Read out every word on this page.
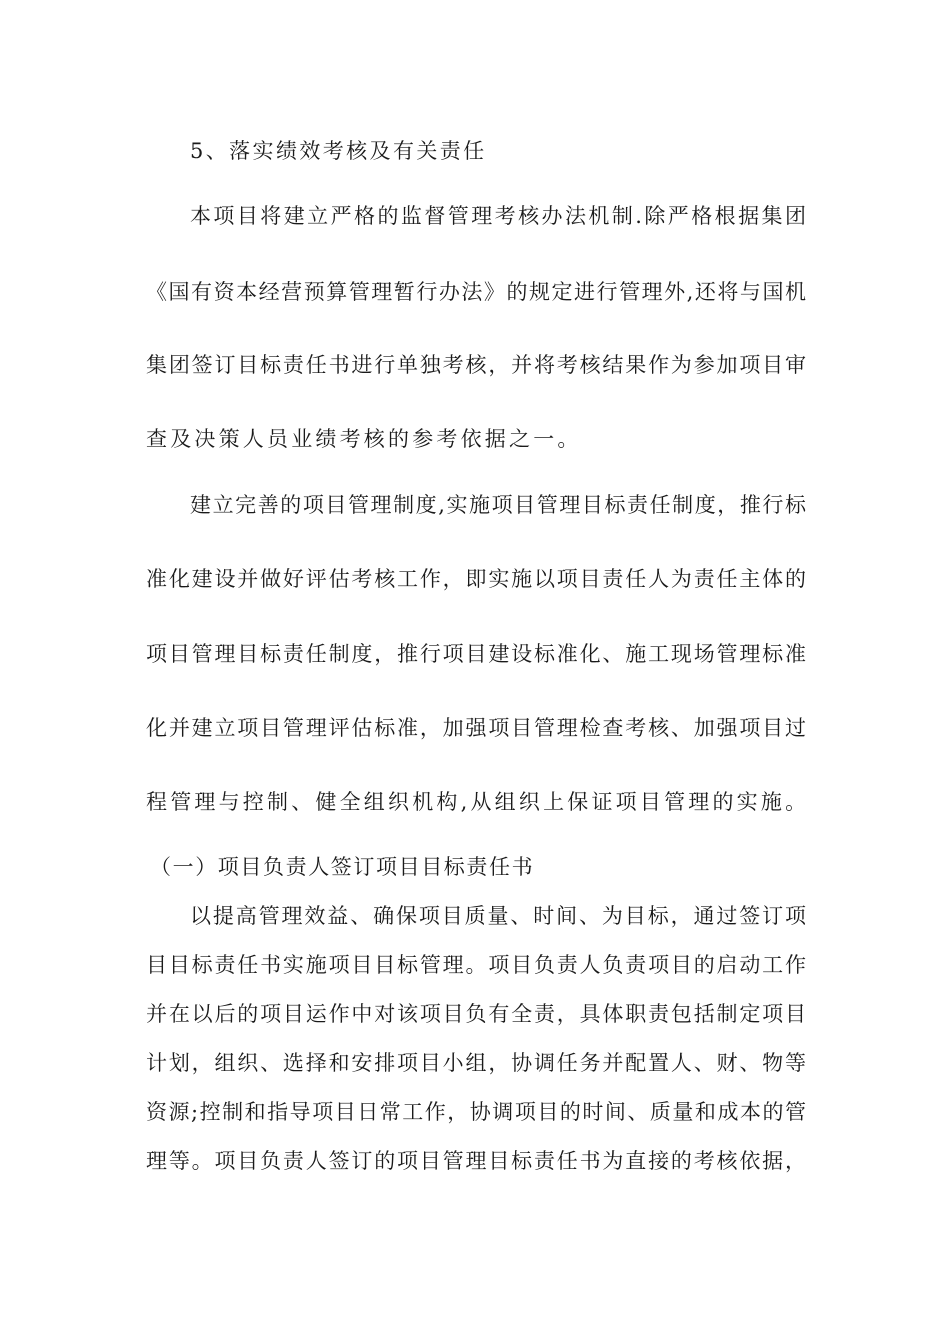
5、落实绩效考核及有关责任
本项目将建立严格的监督管理考核办法机制.除严格根据集团
《国有资本经营预算管理暂行办法》的规定进行管理外,还将与国机
集团签订目标责任书进行单独考核，并将考核结果作为参加项目审
查及决策人员业绩考核的参考依据之一。
建立完善的项目管理制度,实施项目管理目标责任制度，推行标
准化建设并做好评估考核工作，即实施以项目责任人为责任主体的
项目管理目标责任制度，推行项目建设标准化、施工现场管理标准
化并建立项目管理评估标准，加强项目管理检查考核、加强项目过
程管理与控制、健全组织机构,从组织上保证项目管理的实施。
（一）项目负责人签订项目目标责任书
以提高管理效益、确保项目质量、时间、为目标，通过签订项
目目标责任书实施项目目标管理。项目负责人负责项目的启动工作
并在以后的项目运作中对该项目负有全责，具体职责包括制定项目
计划，组织、选择和安排项目小组，协调任务并配置人、财、物等
资源;控制和指导项目日常工作，协调项目的时间、质量和成本的管
理等。项目负责人签订的项目管理目标责任书为直接的考核依据，
